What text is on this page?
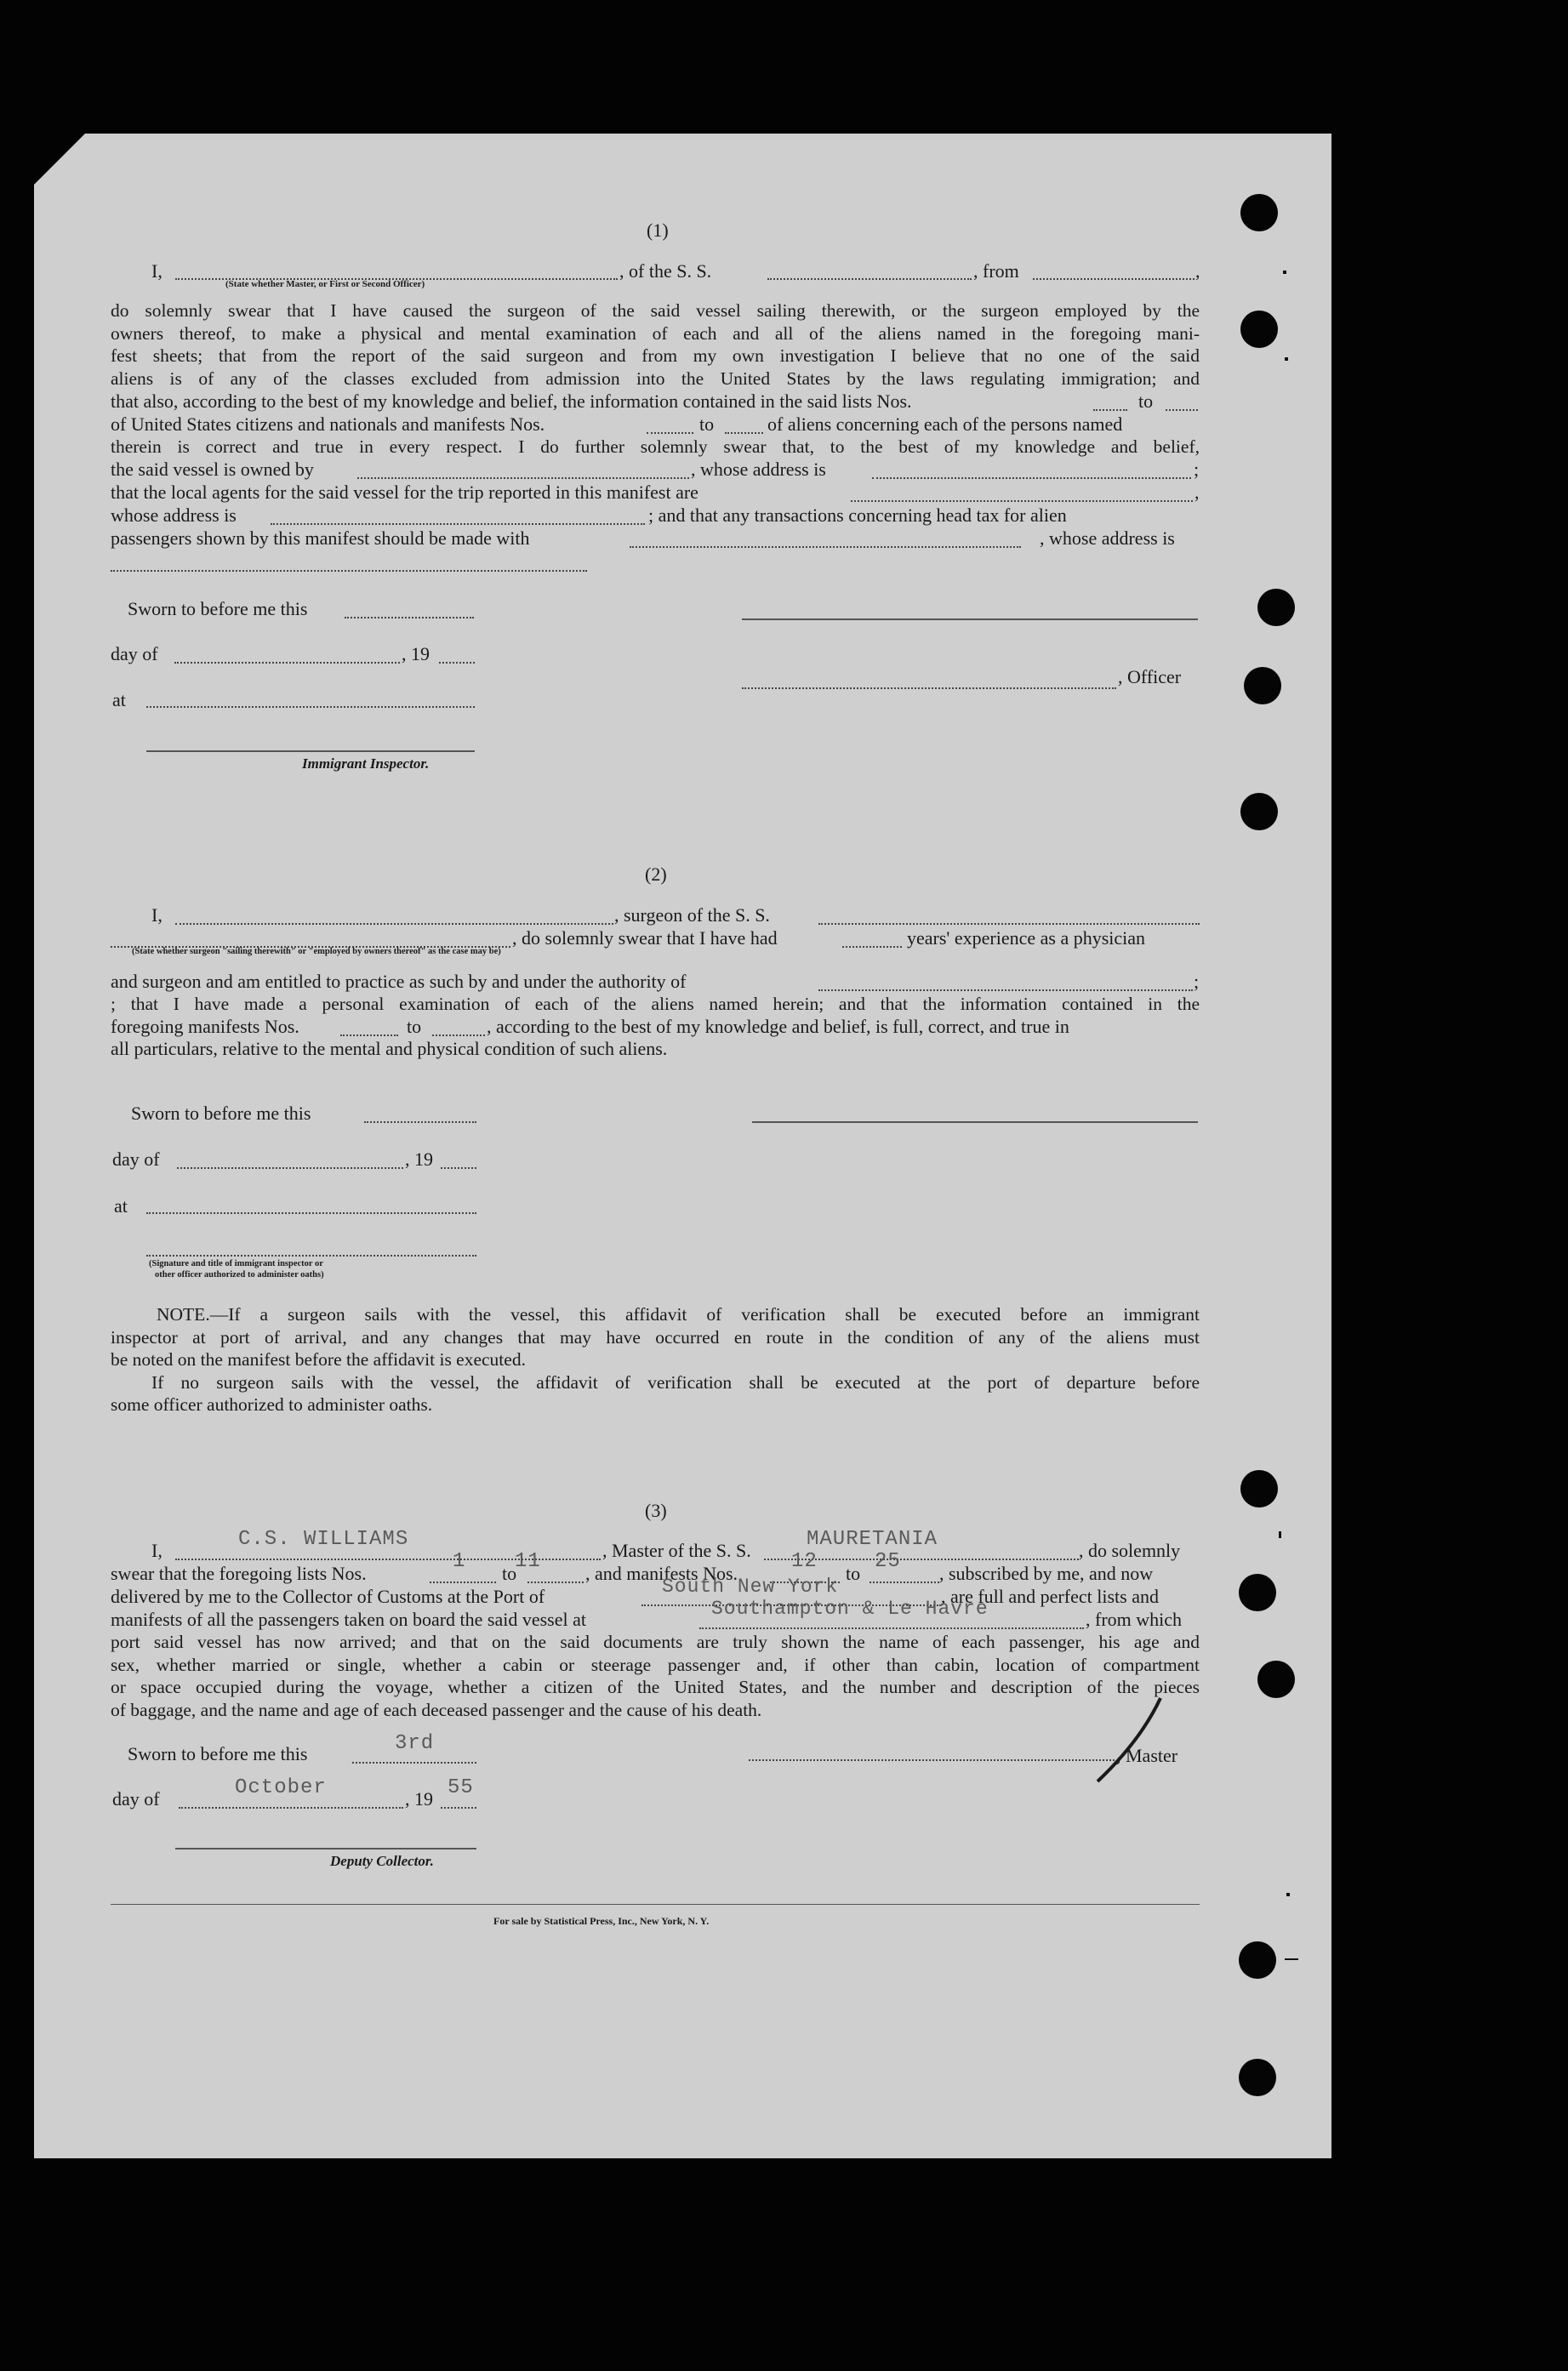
(1)
I,	, of the S. S.	, from	,
(State whether Master, or First or Second Officer)
do solemnly swear that I have caused the surgeon of the said vessel sailing therewith, or the surgeon employed by the
owners thereof, to make a physical and mental examination of each and all of the aliens named in the foregoing mani-
fest sheets; that from the report of the said surgeon and from my own investigation I believe that no one of the said
aliens is of any of the classes excluded from admission into the United States by the laws regulating immigration; and
that also, according to the best of my knowledge and belief, the information contained in the said lists Nos.	to
of United States citizens and nationals and manifests Nos.	to	of aliens concerning each of the persons named
therein is correct and true in every respect. I do further solemnly swear that, to the best of my knowledge and belief,
the said vessel is owned by	, whose address is	;
that the local agents for the said vessel for the trip reported in this manifest are	,
whose address is	; and that any transactions concerning head tax for alien
passengers shown by this manifest should be made with	, whose address is
Sworn to before me this
day of	, 19
at
Immigrant Inspector.
, Officer
(2)
I,	, surgeon of the S. S.
, do solemnly swear that I have had	years' experience as a physician
(State whether surgeon "sailing therewith" or "employed by owners thereof" as the case may be)
and surgeon and am entitled to practice as such by and under the authority of	;
; that I have made a personal examination of each of the aliens named herein; and that the information contained in the
foregoing manifests Nos.	to	, according to the best of my knowledge and belief, is full, correct, and true in
all particulars, relative to the mental and physical condition of such aliens.
Sworn to before me this
day of	, 19
at
(Signature and title of immigrant inspector or
other officer authorized to administer oaths)
NOTE.—If a surgeon sails with the vessel, this affidavit of verification shall be executed before an immigrant
inspector at port of arrival, and any changes that may have occurred en route in the condition of any of the aliens must
be noted on the manifest before the affidavit is executed.
If no surgeon sails with the vessel, the affidavit of verification shall be executed at the port of departure before
some officer authorized to administer oaths.
(3)
I,	C.S. WILLIAMS	, Master of the S. S.	MAURETANIA	, do solemnly
swear that the foregoing lists Nos.
1
to
11
, and manifests Nos.
12
to
25
, subscribed by me, and now
delivered by me to the Collector of Customs at the Port of	South New York	, are full and perfect lists and
manifests of all the passengers taken on board the said vessel at	Southampton & Le Havre	, from which
port said vessel has now arrived; and that on the said documents are truly shown the name of each passenger, his age and
sex, whether married or single, whether a cabin or steerage passenger and, if other than cabin, location of compartment
or space occupied during the voyage, whether a citizen of the United States, and the number and description of the pieces
of baggage, and the name and age of each deceased passenger and the cause of his death.
Sworn to before me this	3rd
day of	October	, 19 55
Deputy Collector.
, Master
For sale by Statistical Press, Inc., New York, N. Y.
